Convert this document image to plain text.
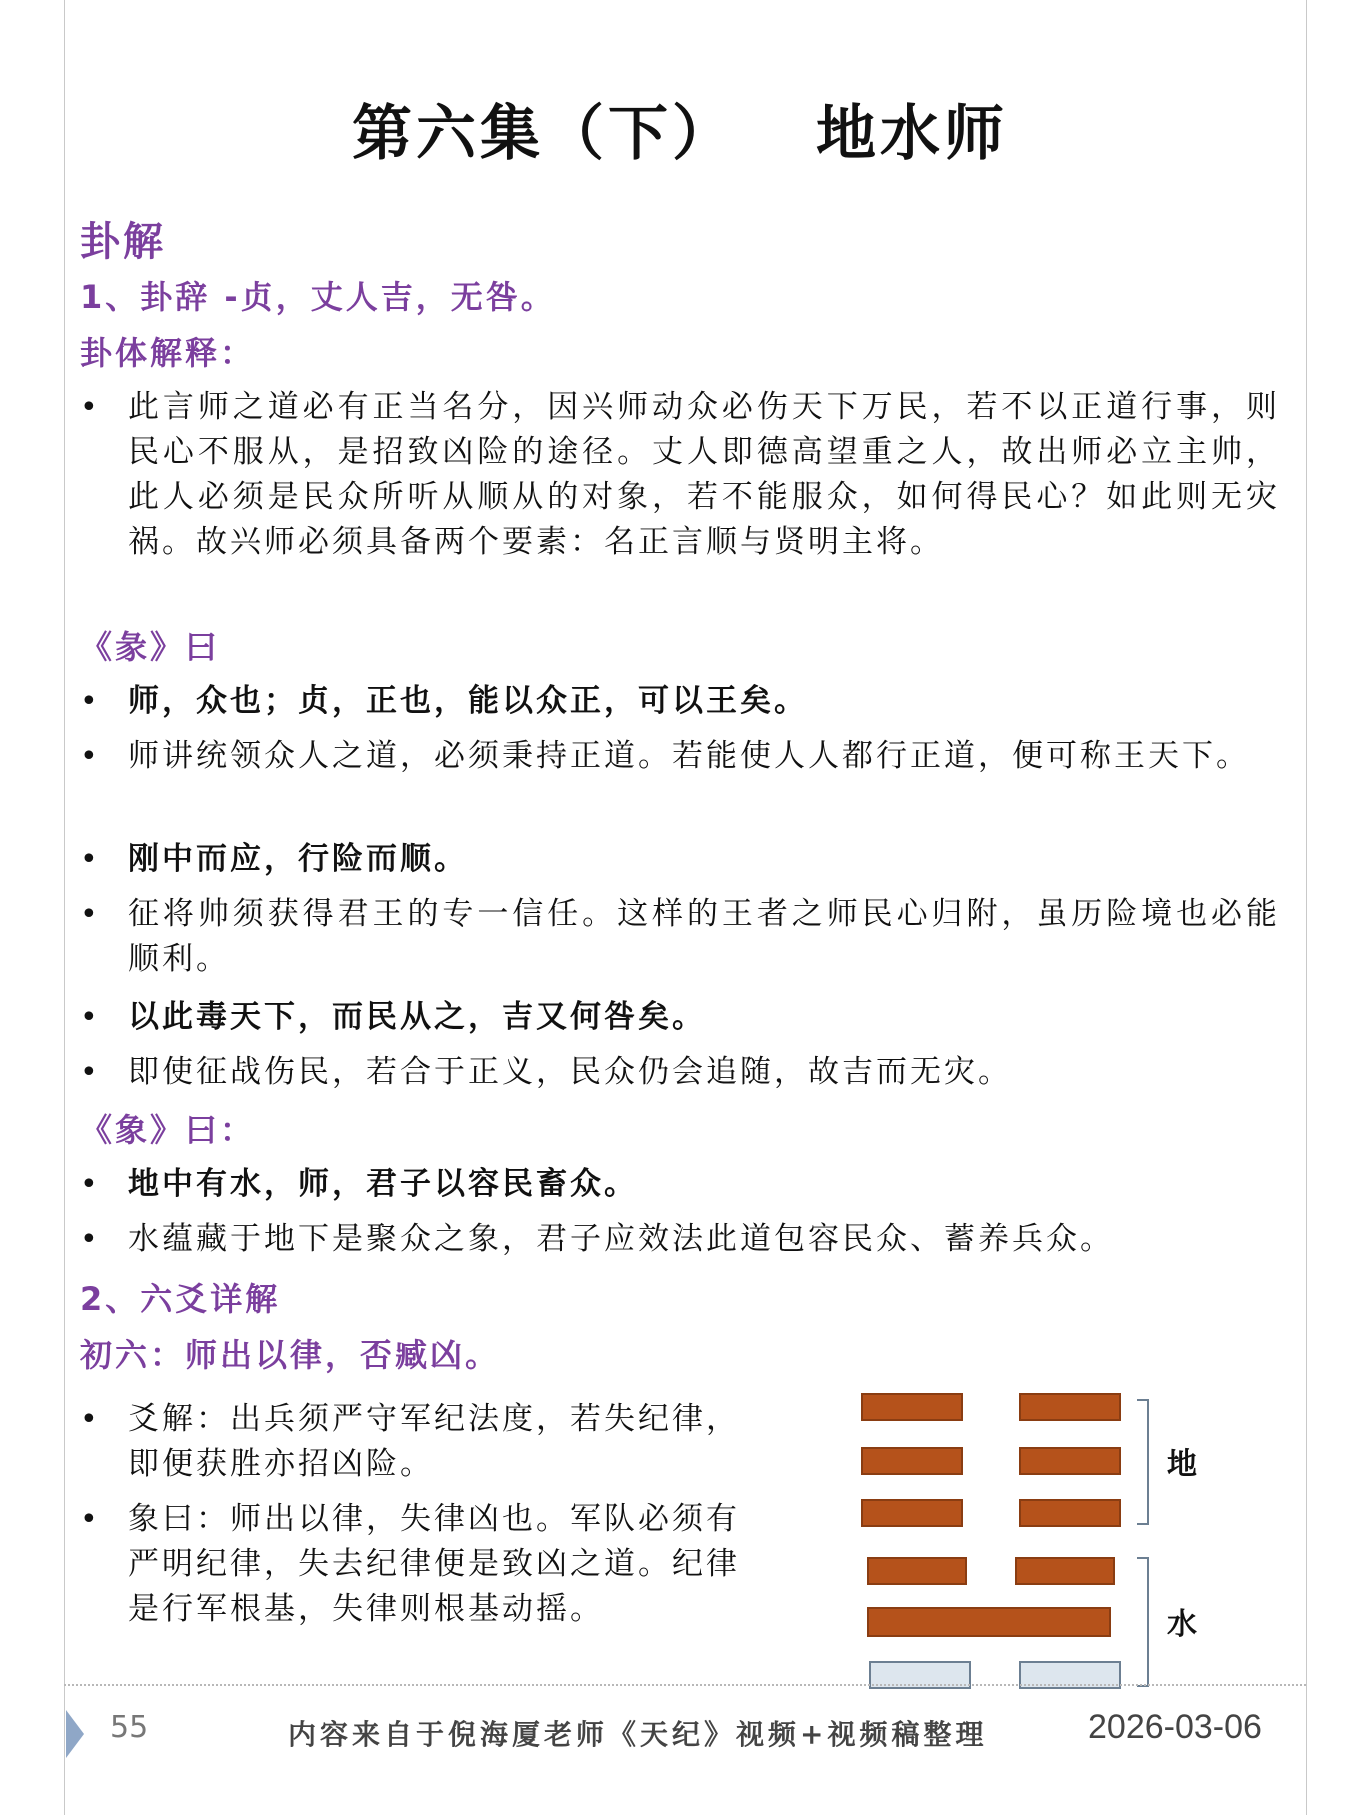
第六集（下） 地水师
卦解
1、卦辞 -贞，丈人吉，无咎。
卦体解释：
• 此言师之道必有正当名分，因兴师动众必伤天下万民，若不以正道行事，则民心不服从，是招致凶险的途径。丈人即德高望重之人，故出师必立主帅，此人必须是民众所听从顺从的对象，若不能服众，如何得民心？如此则无灾祸。故兴师必须具备两个要素：名正言顺与贤明主将。
《彖》曰
• 师，众也；贞，正也，能以众正，可以王矣。
• 师讲统领众人之道，必须秉持正道。若能使人人都行正道，便可称王天下。
• 刚中而应，行险而顺。
• 征将帅须获得君王的专一信任。这样的王者之师民心归附，虽历险境也必能顺利。
• 以此毒天下，而民从之，吉又何咎矣。
• 即使征战伤民，若合于正义，民众仍会追随，故吉而无灾。
《象》曰：
• 地中有水，师，君子以容民畜众。
• 水蕴藏于地下是聚众之象，君子应效法此道包容民众、蓄养兵众。
2、六爻详解
初六：师出以律，否臧凶。
• 爻解：出兵须严守军纪法度，若失纪律，即便获胜亦招凶险。
• 象曰：师出以律，失律凶也。军队必须有严明纪律，失去纪律便是致凶之道。纪律是行军根基，失律则根基动摇。
地
水
55	内容来自于倪海厦老师《天纪》视频+视频稿整理	2026-03-06
